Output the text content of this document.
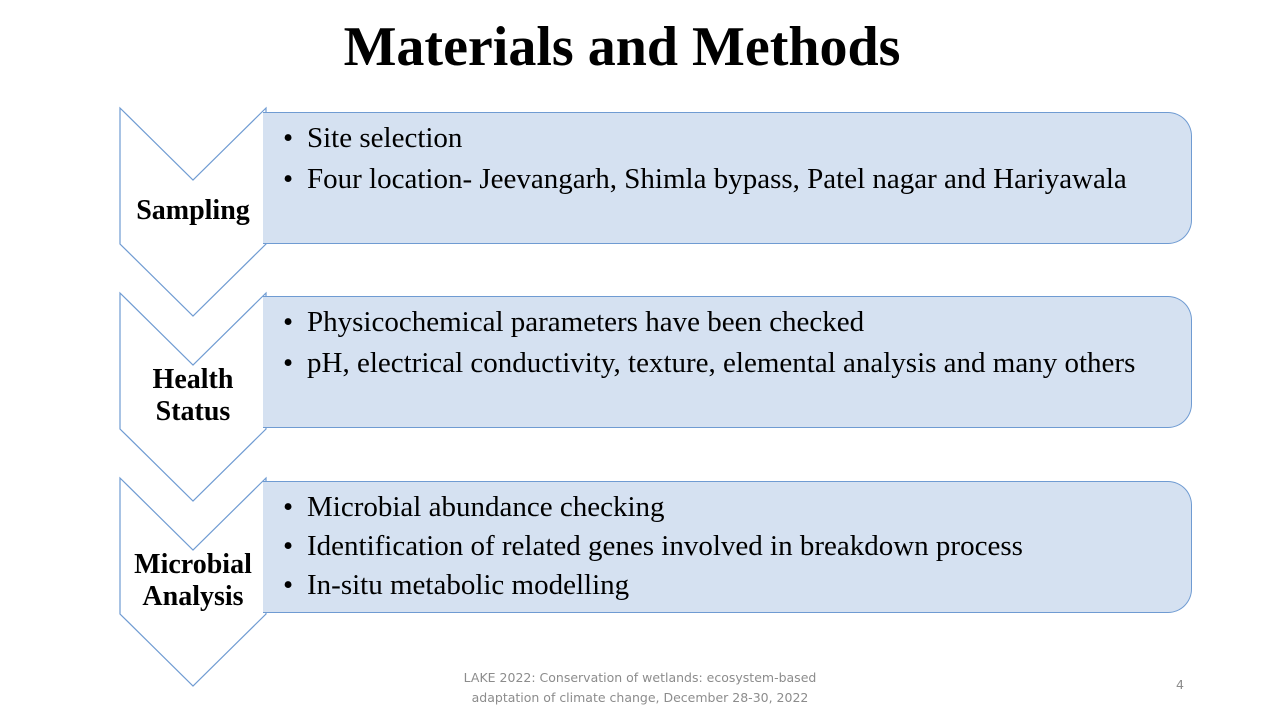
Materials and Methods
Sampling
• Site selection
• Four location- Jeevangarh, Shimla bypass, Patel nagar and Hariyawala
Health
Status
• Physicochemical parameters have been checked
• pH, electrical conductivity, texture, elemental analysis and many others
Microbial
Analysis
• Microbial abundance checking
• Identification of related genes involved in breakdown process
• In-situ metabolic modelling
LAKE 2022: Conservation of wetlands: ecosystem-based
adaptation of climate change, December 28-30, 2022
4
